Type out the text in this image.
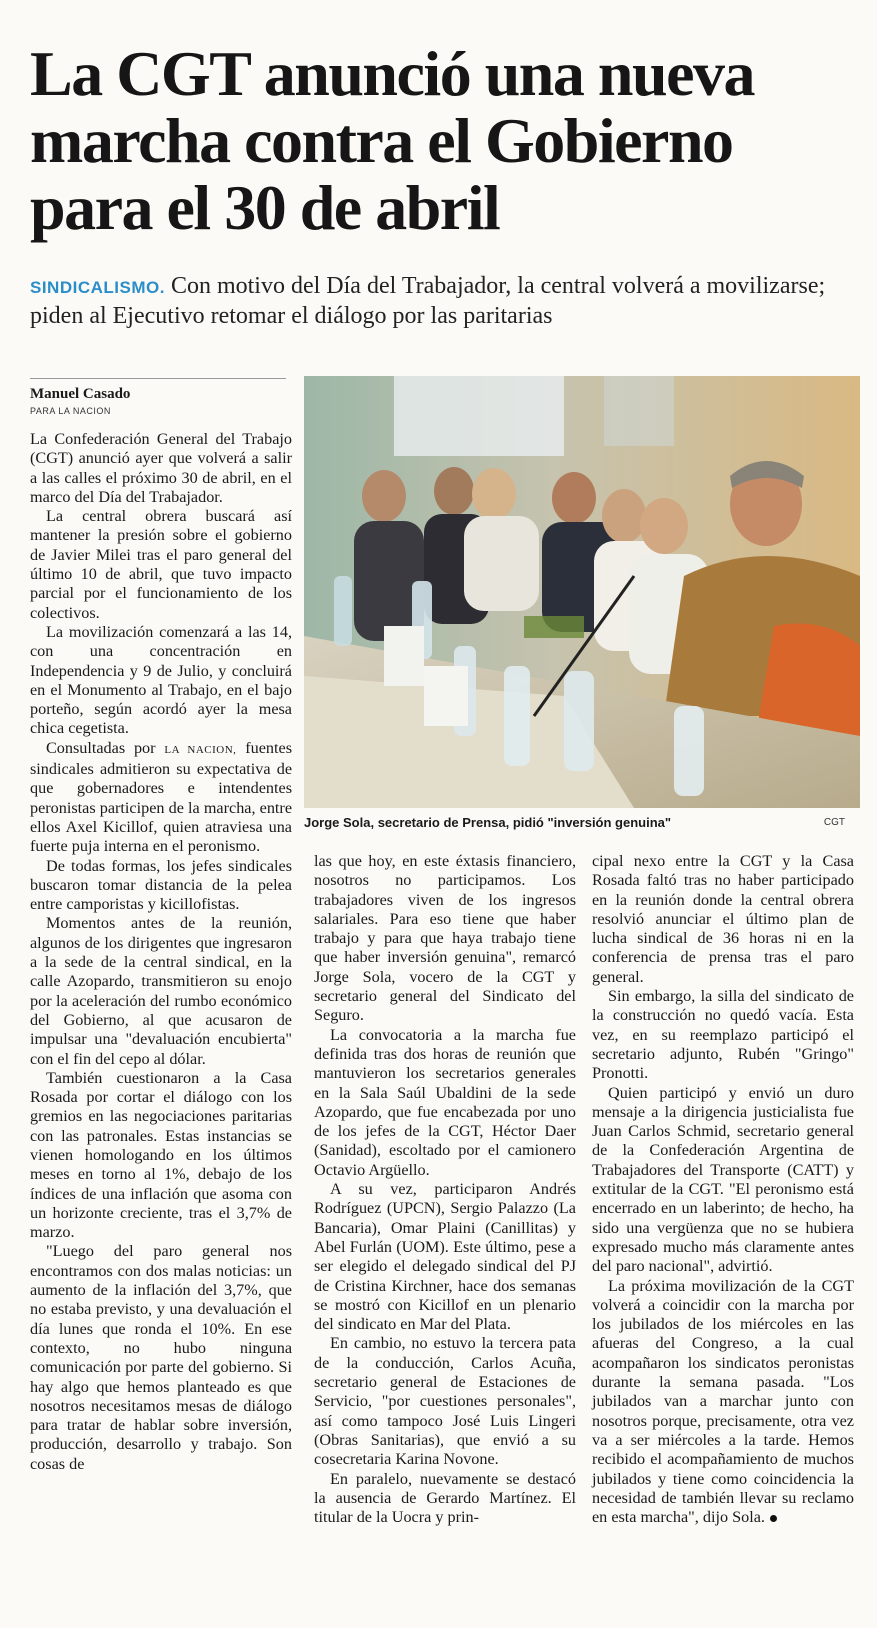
La CGT anunció una nueva marcha contra el Gobierno para el 30 de abril

SINDICALISMO. Con motivo del Día del Trabajador, la central volverá a movilizarse; piden al Ejecutivo retomar el diálogo por las paritarias

Manuel Casado
PARA LA NACION

La Confederación General del Trabajo (CGT) anunció ayer que volverá a salir a las calles el próximo 30 de abril, en el marco del Día del Trabajador.

La central obrera buscará así mantener la presión sobre el gobierno de Javier Milei tras el paro general del último 10 de abril, que tuvo impacto parcial por el funcionamiento de los colectivos.

La movilización comenzará a las 14, con una concentración en Independencia y 9 de Julio, y concluirá en el Monumento al Trabajo, en el bajo porteño, según acordó ayer la mesa chica cegetista.

Consultadas por LA NACION, fuentes sindicales admitieron su expectativa de que gobernadores e intendentes peronistas participen de la marcha, entre ellos Axel Kicillof, quien atraviesa una fuerte puja interna en el peronismo.

De todas formas, los jefes sindicales buscaron tomar distancia de la pelea entre camporistas y kicillofistas.

Momentos antes de la reunión, algunos de los dirigentes que ingresaron a la sede de la central sindical, en la calle Azopardo, transmitieron su enojo por la aceleración del rumbo económico del Gobierno, al que acusaron de impulsar una "devaluación encubierta" con el fin del cepo al dólar.

También cuestionaron a la Casa Rosada por cortar el diálogo con los gremios en las negociaciones paritarias con las patronales. Estas instancias se vienen homologando en los últimos meses en torno al 1%, debajo de los índices de una inflación que asoma con un horizonte creciente, tras el 3,7% de marzo.

"Luego del paro general nos encontramos con dos malas noticias: un aumento de la inflación del 3,7%, que no estaba previsto, y una devaluación el día lunes que ronda el 10%. En ese contexto, no hubo ninguna comunicación por parte del gobierno. Si hay algo que hemos planteado es que nosotros necesitamos mesas de diálogo para tratar de hablar sobre inversión, producción, desarrollo y trabajo. Son cosas de

Jorge Sola, secretario de Prensa, pidió "inversión genuina"	CGT

las que hoy, en este éxtasis financiero, nosotros no participamos. Los trabajadores viven de los ingresos salariales. Para eso tiene que haber trabajo y para que haya trabajo tiene que haber inversión genuina", remarcó Jorge Sola, vocero de la CGT y secretario general del Sindicato del Seguro.

La convocatoria a la marcha fue definida tras dos horas de reunión que mantuvieron los secretarios generales en la Sala Saúl Ubaldini de la sede Azopardo, que fue encabezada por uno de los jefes de la CGT, Héctor Daer (Sanidad), escoltado por el camionero Octavio Argüello.

A su vez, participaron Andrés Rodríguez (UPCN), Sergio Palazzo (La Bancaria), Omar Plaini (Canillitas) y Abel Furlán (UOM). Este último, pese a ser elegido el delegado sindical del PJ de Cristina Kirchner, hace dos semanas se mostró con Kicillof en un plenario del sindicato en Mar del Plata.

En cambio, no estuvo la tercera pata de la conducción, Carlos Acuña, secretario general de Estaciones de Servicio, "por cuestiones personales", así como tampoco José Luis Lingeri (Obras Sanitarias), que envió a su cosecretaria Karina Novone.

En paralelo, nuevamente se destacó la ausencia de Gerardo Martínez. El titular de la Uocra y prin-

cipal nexo entre la CGT y la Casa Rosada faltó tras no haber participado en la reunión donde la central obrera resolvió anunciar el último plan de lucha sindical de 36 horas ni en la conferencia de prensa tras el paro general.

Sin embargo, la silla del sindicato de la construcción no quedó vacía. Esta vez, en su reemplazo participó el secretario adjunto, Rubén "Gringo" Pronotti.

Quien participó y envió un duro mensaje a la dirigencia justicialista fue Juan Carlos Schmid, secretario general de la Confederación Argentina de Trabajadores del Transporte (CATT) y extitular de la CGT. "El peronismo está encerrado en un laberinto; de hecho, ha sido una vergüenza que no se hubiera expresado mucho más claramente antes del paro nacional", advirtió.

La próxima movilización de la CGT volverá a coincidir con la marcha por los jubilados de los miércoles en las afueras del Congreso, a la cual acompañaron los sindicatos peronistas durante la semana pasada. "Los jubilados van a marchar junto con nosotros porque, precisamente, otra vez va a ser miércoles a la tarde. Hemos recibido el acompañamiento de muchos jubilados y tiene como coincidencia la necesidad de también llevar su reclamo en esta marcha", dijo Sola.
